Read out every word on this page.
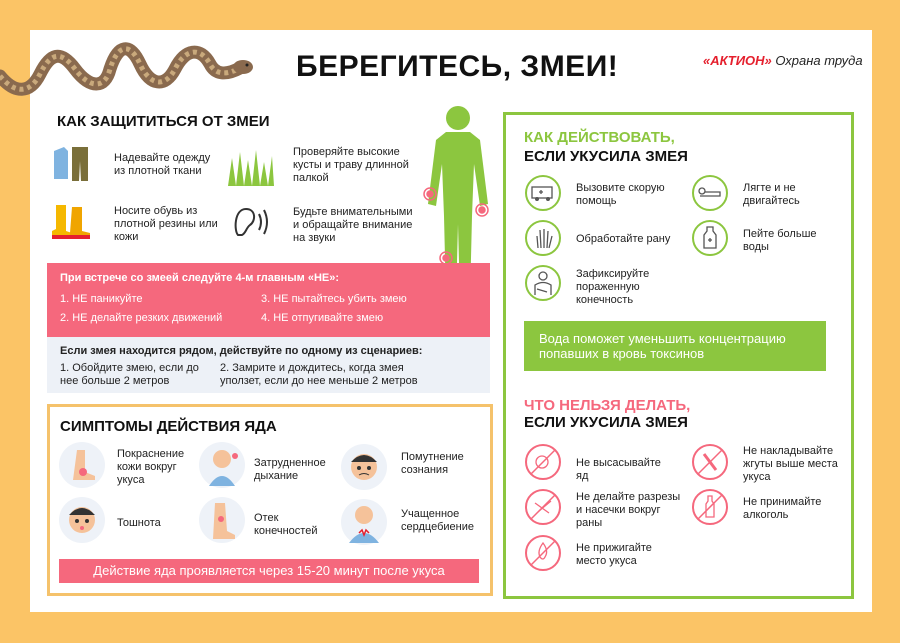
БЕРЕГИТЕСЬ, ЗМЕИ!	«АКТИОН» Охрана труда
КАК ЗАЩИТИТЬСЯ ОТ ЗМЕИ
Надевайте одежду из плотной ткани
Проверяйте высокие кусты и траву длинной палкой
Носите обувь из плотной резины или кожи
Будьте внимательными и обращайте внимание на звуки
При встрече со змеей следуйте 4-м главным «НЕ»:
1. НЕ паникуйте	3. НЕ пытайтесь убить змею
2. НЕ делайте резких движений	4. НЕ отпугивайте змею
Если змея находится рядом, действуйте по одному из сценариев:
1. Обойдите змею, если до нее больше 2 метров
2. Замрите и дождитесь, когда змея уползет, если до нее меньше 2 метров
СИМПТОМЫ ДЕЙСТВИЯ ЯДА
Покраснение кожи вокруг укуса
Затрудненное дыхание
Помутнение сознания
Тошнота	Отек конечностей
Учащенное сердцебиение
Действие яда проявляется через 15-20 минут после укуса
КАК ДЕЙСТВОВАТЬ,
ЕСЛИ УКУСИЛА ЗМЕЯ
Вызовите скорую помощь
Лягте и не двигайтесь
Обработайте рану	Пейте больше воды
Зафиксируйте пораженную конечность
Вода поможет уменьшить концентрацию попавших в кровь токсинов
ЧТО НЕЛЬЗЯ ДЕЛАТЬ,
ЕСЛИ УКУСИЛА ЗМЕЯ
Не высасывайте яд
Не накладывайте жгуты выше места укуса
Не делайте разрезы и насечки вокруг раны
Не принимайте алкоголь
Не прижигайте место укуса
